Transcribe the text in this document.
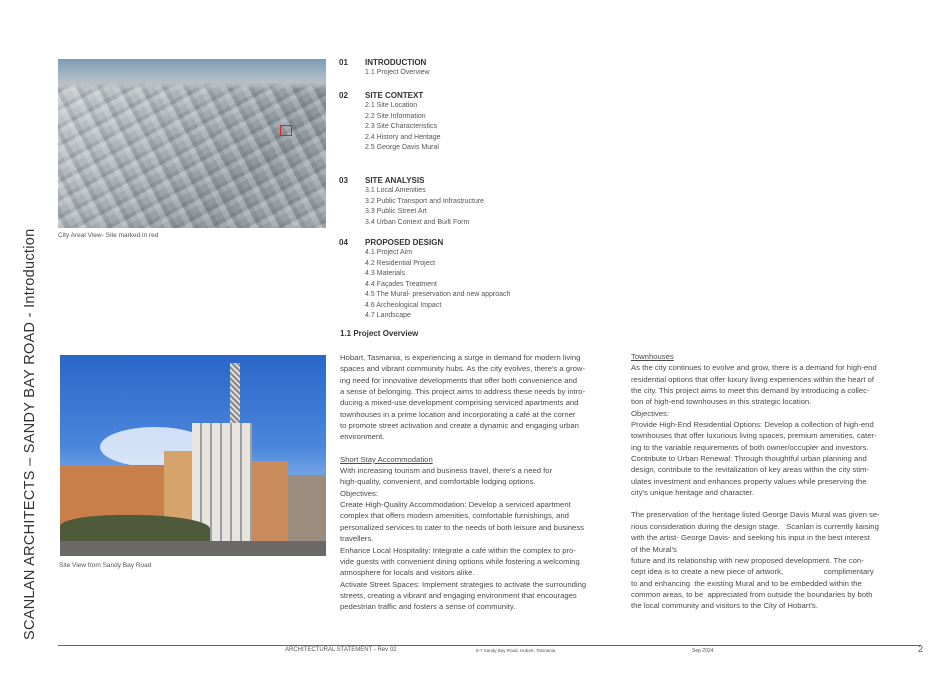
SCANLAN ARCHITECTS – SANDY BAY ROAD - Introduction	City Areal View- Site marked in red
Site View from Sandy Bay Road
01	INTRODUCTION
1.1 Project Overview
02	SITE CONTEXT
2.1 Site Location
2.2 Site Information
2.3 Site Characteristics
2.4 History and Heritage
2.5 George Davis Mural
03	SITE ANALYSIS
3.1 Local Amenities
3.2 Public Transport and Infrastructure
3.3 Public Street Art
3.4 Urban Context and Built Form
04	PROPOSED DESIGN
4.1 Project Aim
4.2 Residential Project
4.3 Materials
4.4 Façades Treatment
4.5 The Mural- preservation and new approach
4.6 Archeological Impact
4.7 Landscape
1.1 Project Overview

Hobart, Tasmania, is experiencing a surge in demand for modern living

spaces and vibrant community hubs. As the city evolves, there's a grow-

ing need for innovative developments that offer both convenience and

a sense of belonging. This project aims to address these needs by intro-

ducing a mixed-use development comprising serviced apartments and

townhouses in a prime location and incorporating a café at the corner

to promote street activation and create a dynamic and engaging urban

environment.

Short Stay Accommodation

With increasing tourism and business travel, there's a need for

high-quality, convenient, and comfortable lodging options.

Objectives:

Create High-Quality Accommodation: Develop a serviced apartment

complex that offers modern amenities, comfortable furnishings, and

personalized services to cater to the needs of both leisure and business

travellers.

Enhance Local Hospitality: Integrate a café within the complex to pro-

vide guests with convenient dining options while fostering a welcoming

atmosphere for locals and visitors alike.

Activate Street Spaces: Implement strategies to activate the surrounding

streets, creating a vibrant and engaging environment that encourages

pedestrian traffic and fosters a sense of community.

Townhouses

As the city continues to evolve and grow, there is a demand for high-end

residential options that offer luxury living experiences within the heart of

the city. This project aims to meet this demand by introducing a collec-

tion of high-end townhouses in this strategic location.

Objectives:

Provide High-End Residential Options: Develop a collection of high-end

townhouses that offer luxurious living spaces, premium amenities, cater-

ing to the variable requirements of both owner/occupier and investors.

Contribute to Urban Renewal: Through thoughtful urban planning and

design, contribute to the revitalization of key areas within the city stim-

ulates investment and enhances property values while preserving the

city's unique heritage and character.

The preservation of the heritage listed George Davis Mural was given se-

rious consideration during the design stage.   Scanlan is currently liaising

with the artist- George Davis- and seeking his input in the best interest

of the Mural's

future and its relationship with new proposed development. The con-

cept idea is to create a new piece of artwork,                   complimentary

to and enhancing  the existing Mural and to be embedded within the

common areas, to be  appreciated from outside the boundaries by both

the local community and visitors to the City of Hobart's.

ARCHITECTURAL STATEMENT - Rev 02	5-7 Sandy Bay Road, Hobart, Tasmania	Sep 2024	2
